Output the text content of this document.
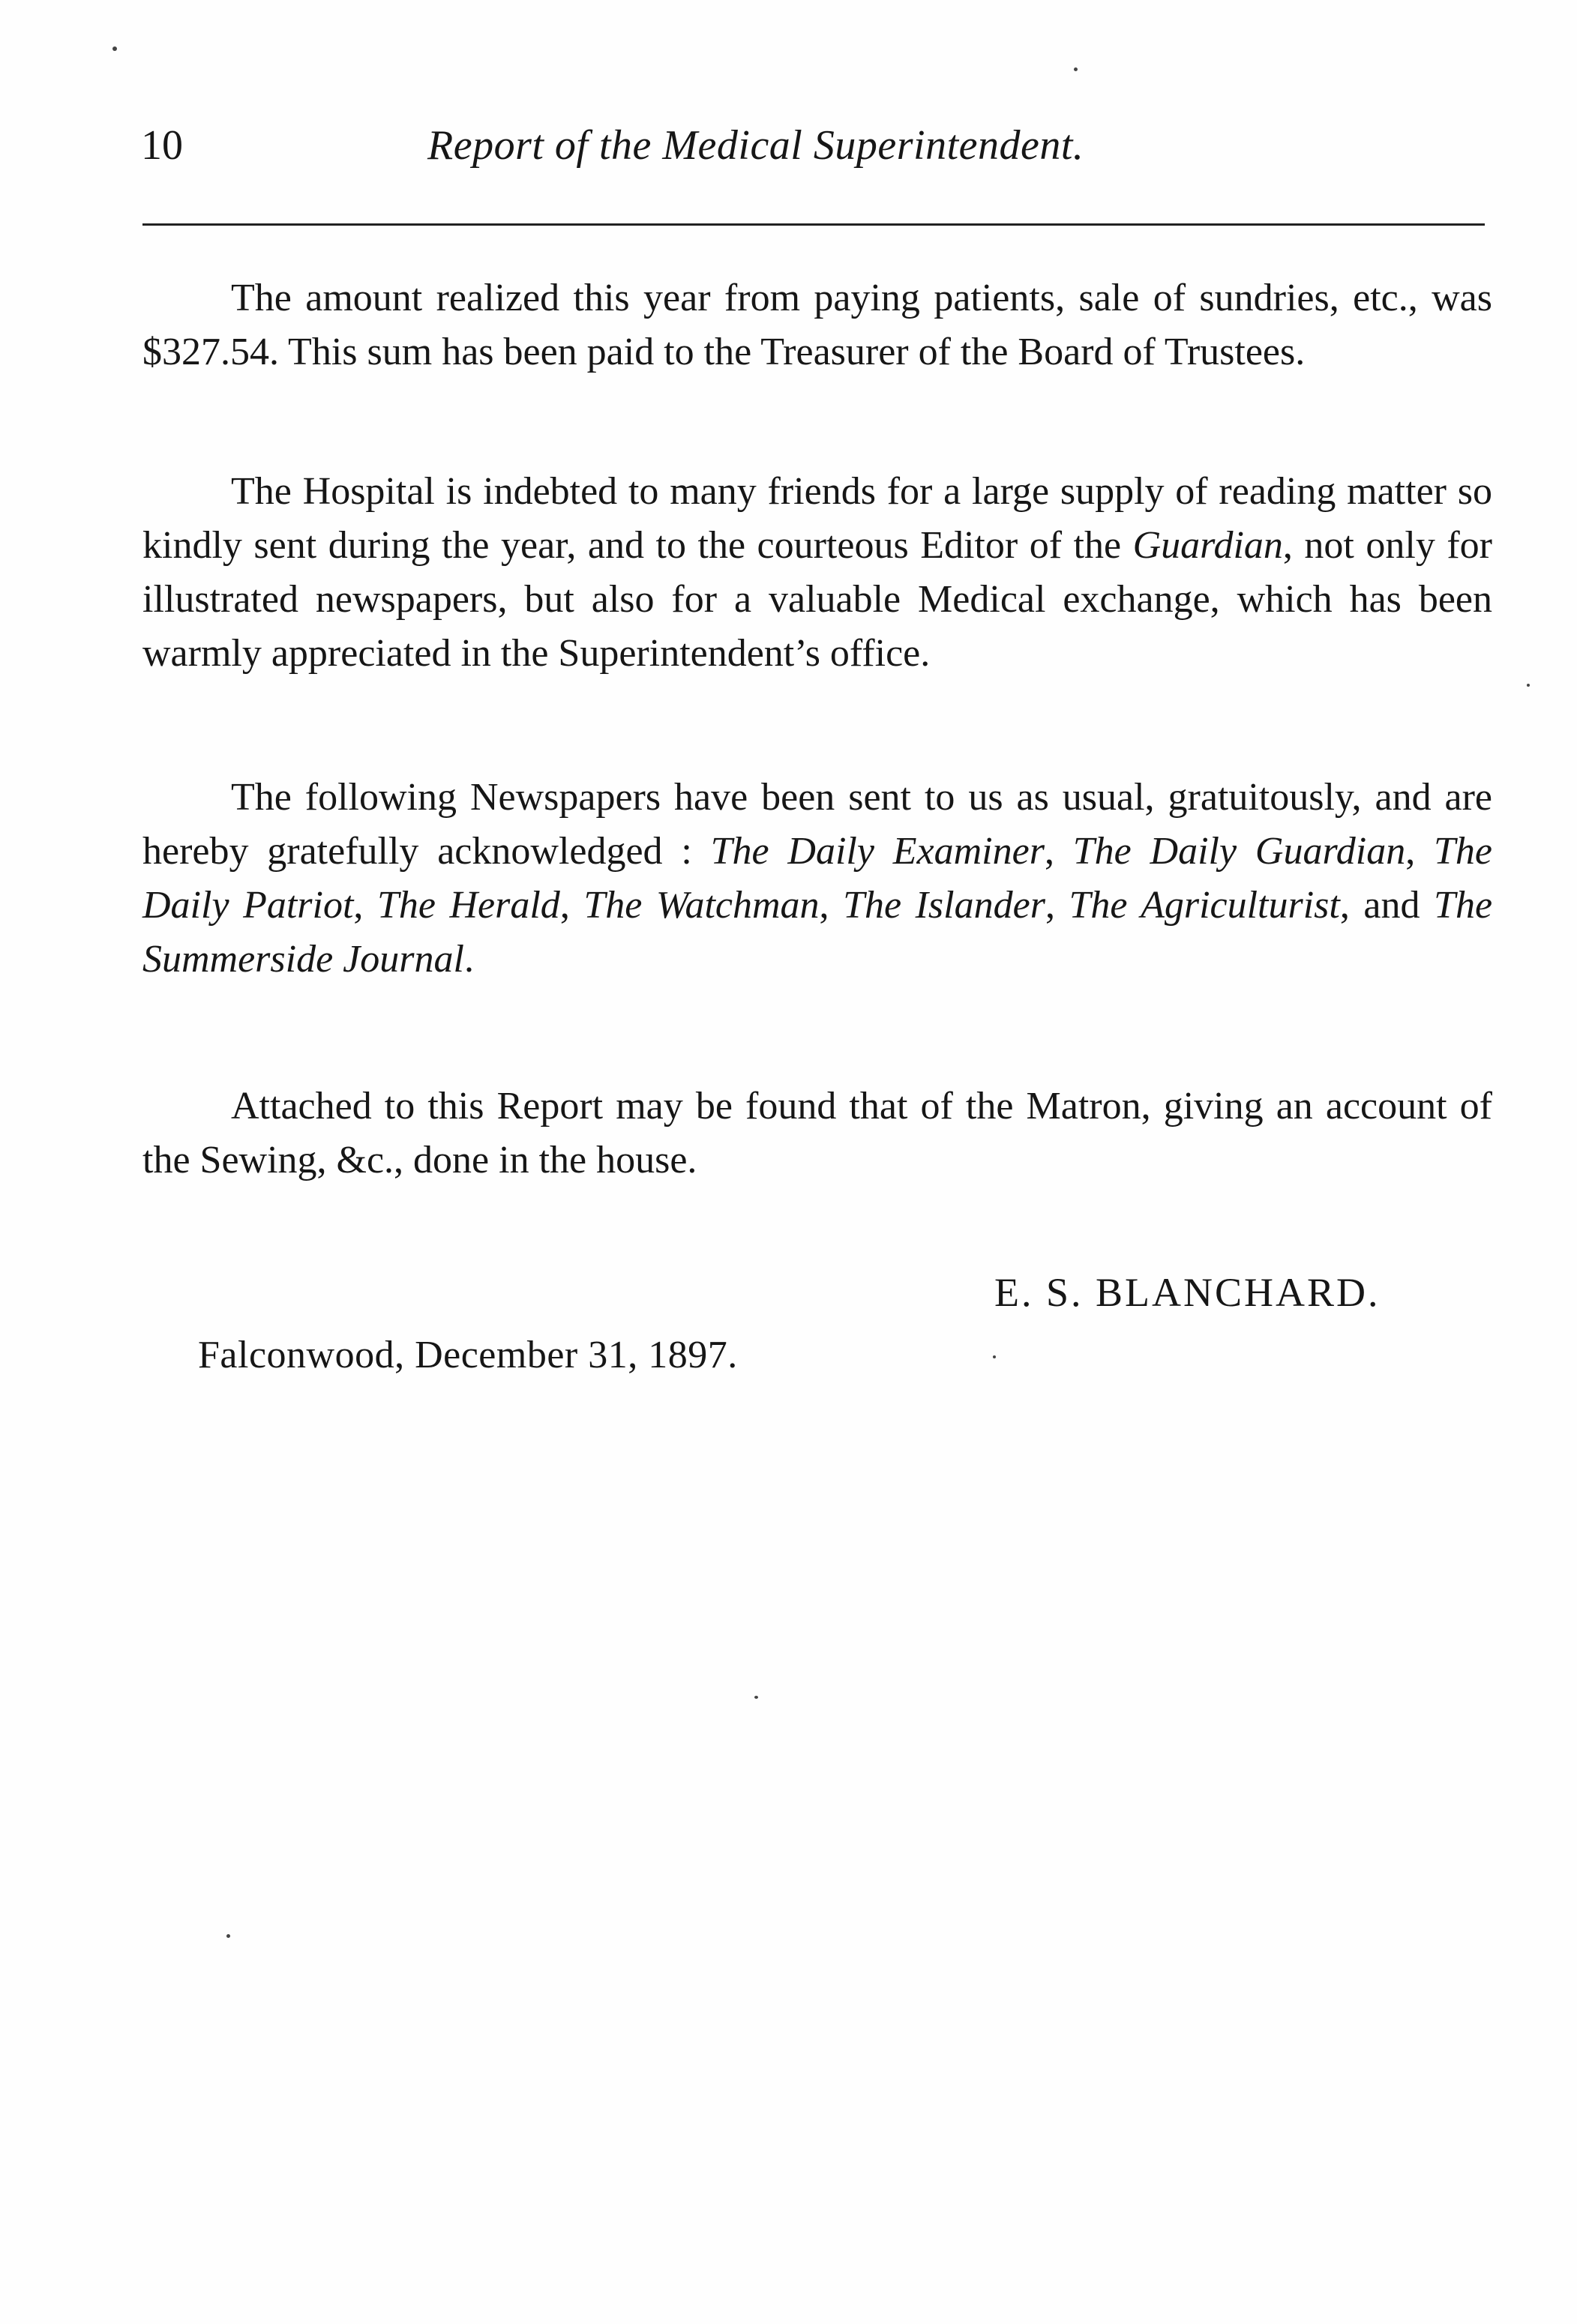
10	Report of the Medical Superintendent.

The amount realized this year from paying patients, sale of sundries, etc., was $327.54. This sum has been paid to the Treasurer of the Board of Trustees.

The Hospital is indebted to many friends for a large supply of reading matter so kindly sent during the year, and to the courteous Editor of the Guardian, not only for illustrated newspapers, but also for a valuable Medical exchange, which has been warmly appreciated in the Superintendent’s office.

The following Newspapers have been sent to us as usual, gratuitously, and are hereby gratefully acknowledged : The Daily Examiner, The Daily Guardian, The Daily Patriot, The Herald, The Watchman, The Islander, The Agriculturist, and The Summerside Journal.

Attached to this Report may be found that of the Matron, giving an account of the Sewing, &c., done in the house.

E. S. BLANCHARD.
Falconwood, December 31, 1897.
